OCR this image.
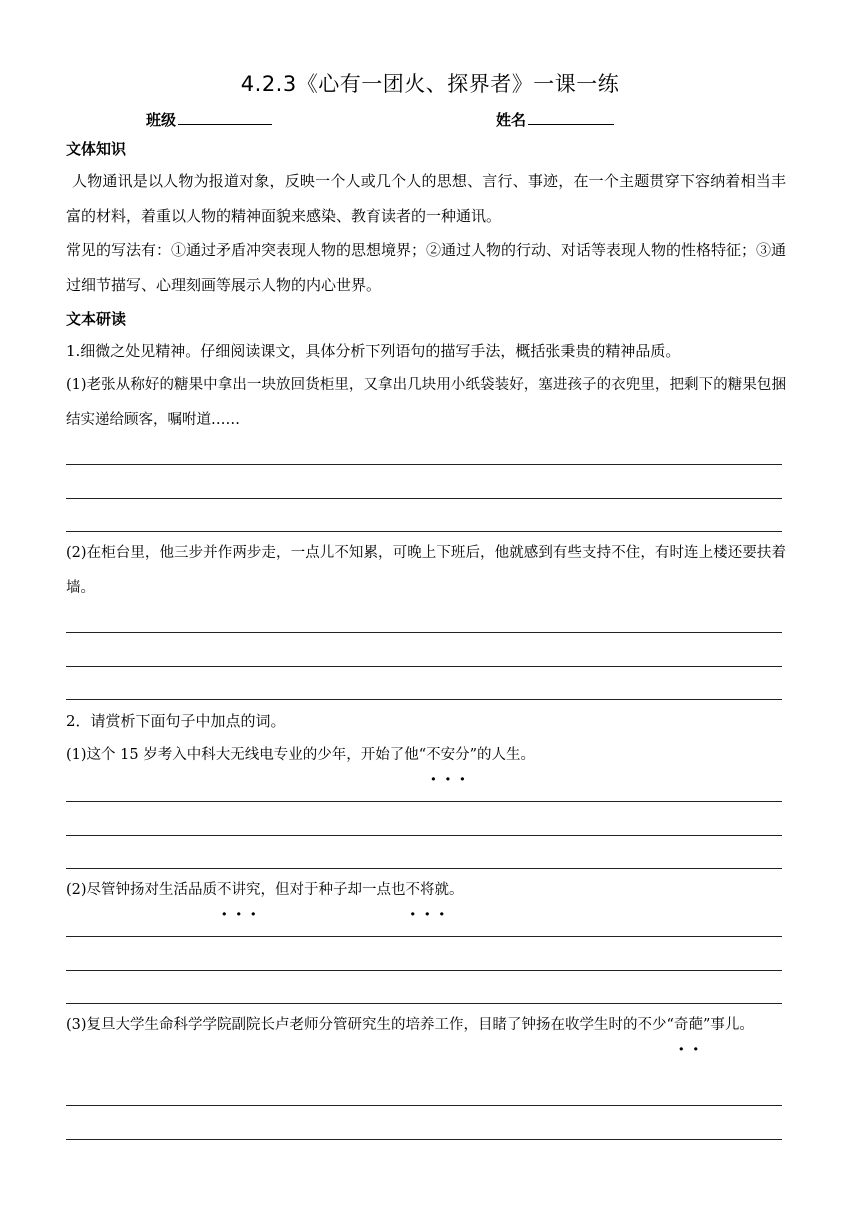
4.2.3《心有一团火、探界者》一课一练
班级	姓名
文体知识
人物通讯是以人物为报道对象，反映一个人或几个人的思想、言行、事迹，在一个主题贯穿下容纳着相当丰富的材料，着重以人物的精神面貌来感染、教育读者的一种通讯。
常见的写法有：①通过矛盾冲突表现人物的思想境界；②通过人物的行动、对话等表现人物的性格特征；③通过细节描写、心理刻画等展示人物的内心世界。
文本研读
1.细微之处见精神。仔细阅读课文，具体分析下列语句的描写手法，概括张秉贵的精神品质。
(1)老张从称好的糖果中拿出一块放回货柜里，又拿出几块用小纸袋装好，塞进孩子的衣兜里，把剩下的糖果包捆结实递给顾客，嘱咐道……
(2)在柜台里，他三步并作两步走，一点儿不知累，可晚上下班后，他就感到有些支持不住，有时连上楼还要扶着墙。
2．请赏析下面句子中加点的词。
(1)这个 15 岁考入中科大无线电专业的少年，开始了他“不安分”的人生。
(2)尽管钟扬对生活品质不讲究，但对于种子却一点也不将就。
(3)复旦大学生命科学学院副院长卢老师分管研究生的培养工作，目睹了钟扬在收学生时的不少“奇葩”事儿。
